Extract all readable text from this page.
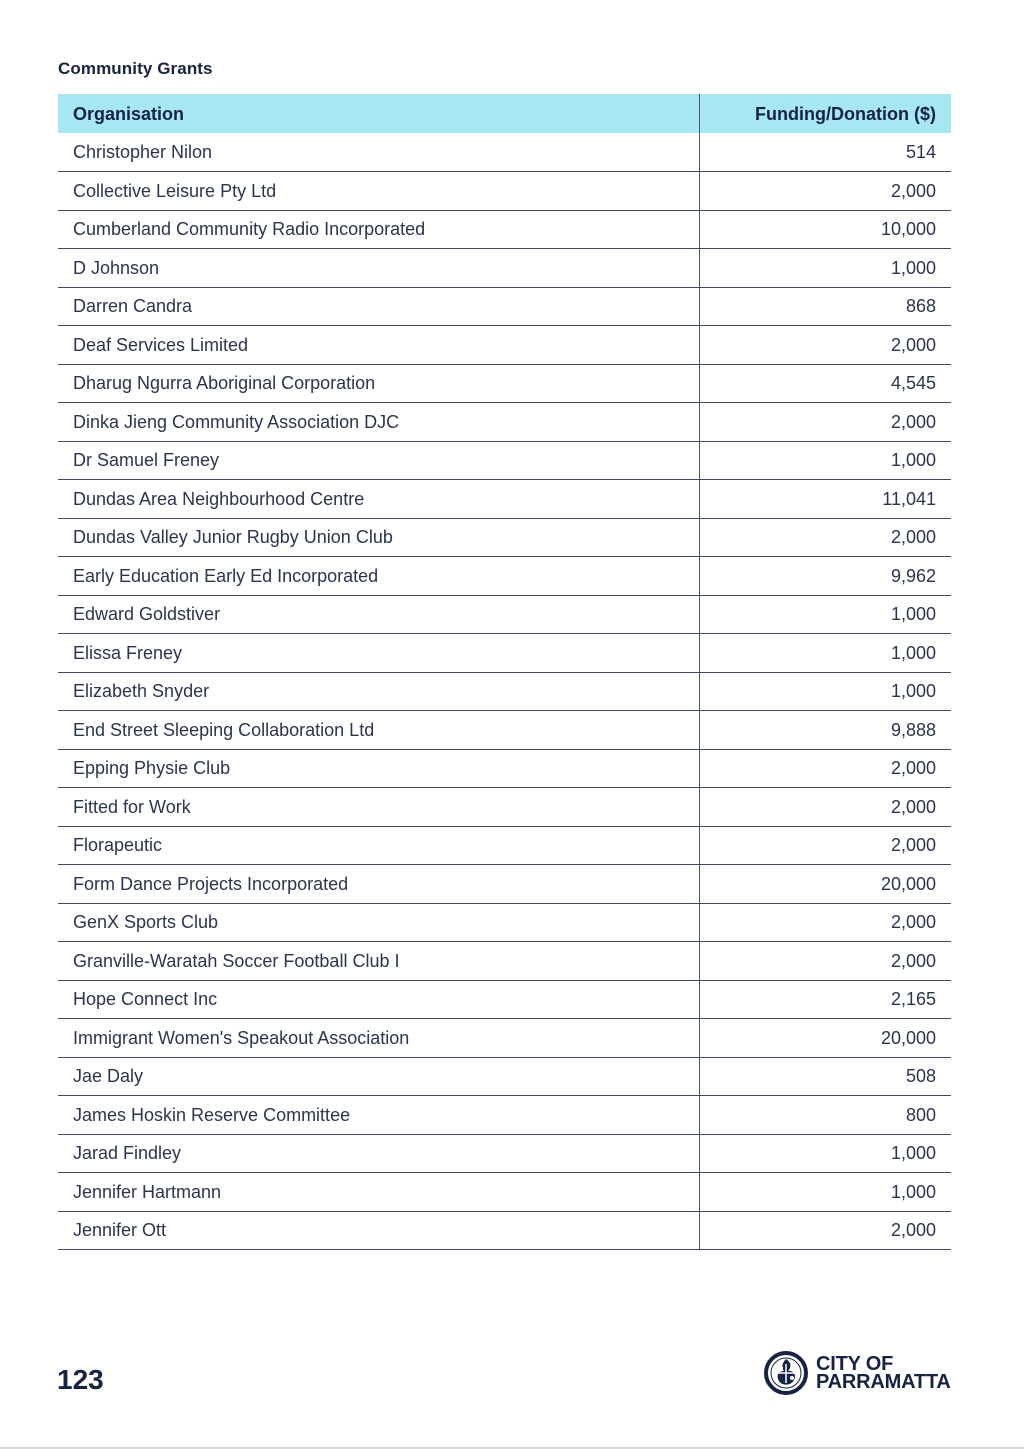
Community Grants
Organisation	Funding/Donation ($)
Christopher Nilon	514
Collective Leisure Pty Ltd	2,000
Cumberland Community Radio Incorporated	10,000
D Johnson	1,000
Darren Candra	868
Deaf Services Limited	2,000
Dharug Ngurra Aboriginal Corporation	4,545
Dinka Jieng Community Association DJC	2,000
Dr Samuel Freney	1,000
Dundas Area Neighbourhood Centre	11,041
Dundas Valley Junior Rugby Union Club	2,000
Early Education Early Ed Incorporated	9,962
Edward Goldstiver	1,000
Elissa Freney	1,000
Elizabeth Snyder	1,000
End Street Sleeping Collaboration Ltd	9,888
Epping Physie Club	2,000
Fitted for Work	2,000
Florapeutic	2,000
Form Dance Projects Incorporated	20,000
GenX Sports Club	2,000
Granville-Waratah Soccer Football Club I	2,000
Hope Connect Inc	2,165
Immigrant Women's Speakout Association	20,000
Jae Daly	508
James Hoskin Reserve Committee	800
Jarad Findley	1,000
Jennifer Hartmann	1,000
Jennifer Ott	2,000
123
CITY OF
PARRAMATTA
